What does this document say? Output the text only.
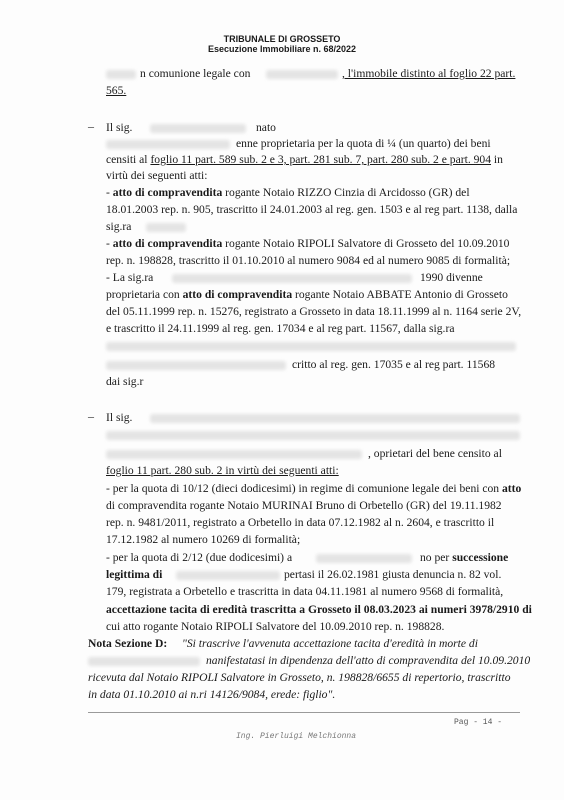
TRIBUNALE DI GROSSETO
Esecuzione Immobiliare n. 68/2022
n comunione legale con	, l'immobile distinto al foglio 22 part.
565.
– Il sig.	nato
enne proprietaria per la quota di ¼ (un quarto) dei beni
censiti al foglio 11 part. 589 sub. 2 e 3, part. 281 sub. 7, part. 280 sub. 2 e part. 904 in
virtù dei seguenti atti:
- atto di compravendita rogante Notaio RIZZO Cinzia di Arcidosso (GR) del
18.01.2003 rep. n. 905, trascritto il 24.01.2003 al reg. gen. 1503 e al reg part. 1138, dalla
sig.ra
- atto di compravendita rogante Notaio RIPOLI Salvatore di Grosseto del 10.09.2010
rep. n. 198828, trascritto il 01.10.2010 al numero 9084 ed al numero 9085 di formalità;
- La sig.ra	1990 divenne
proprietaria con atto di compravendita rogante Notaio ABBATE Antonio di Grosseto
del 05.11.1999 rep. n. 15276, registrato a Grosseto in data 18.11.1999 al n. 1164 serie 2V,
e trascritto il 24.11.1999 al reg. gen. 17034 e al reg part. 11567, dalla sig.ra
critto al reg. gen. 17035 e al reg part. 11568
dai sig.r
– Il sig.
, oprietari del bene censito al
foglio 11 part. 280 sub. 2 in virtù dei seguenti atti:
- per la quota di 10/12 (dieci dodicesimi) in regime di comunione legale dei beni con atto
di compravendita rogante Notaio MURINAI Bruno di Orbetello (GR) del 19.11.1982
rep. n. 9481/2011, registrato a Orbetello in data 07.12.1982 al n. 2604, e trascritto il
17.12.1982 al numero 10269 di formalità;
- per la quota di 2/12 (due dodicesimi) a	no per successione
legittima di	pertasi il 26.02.1981 giusta denuncia n. 82 vol.
179, registrata a Orbetello e trascritta in data 04.11.1981 al numero 9568 di formalità,
accettazione tacita di eredità trascritta a Grosseto il 08.03.2023 ai numeri 3978/2910 di
cui atto rogante Notaio RIPOLI Salvatore del 10.09.2010 rep. n. 198828.
Nota Sezione D: "Si trascrive l'avvenuta accettazione tacita d'eredità in morte di
nanifestatasi in dipendenza dell'atto di compravendita del 10.09.2010
ricevuta dal Notaio RIPOLI Salvatore in Grosseto, n. 198828/6655 di repertorio, trascritto
in data 01.10.2010 ai n.ri 14126/9084, erede: figlio".
Pag - 14 -
Ing. Pierluigi Melchionna
